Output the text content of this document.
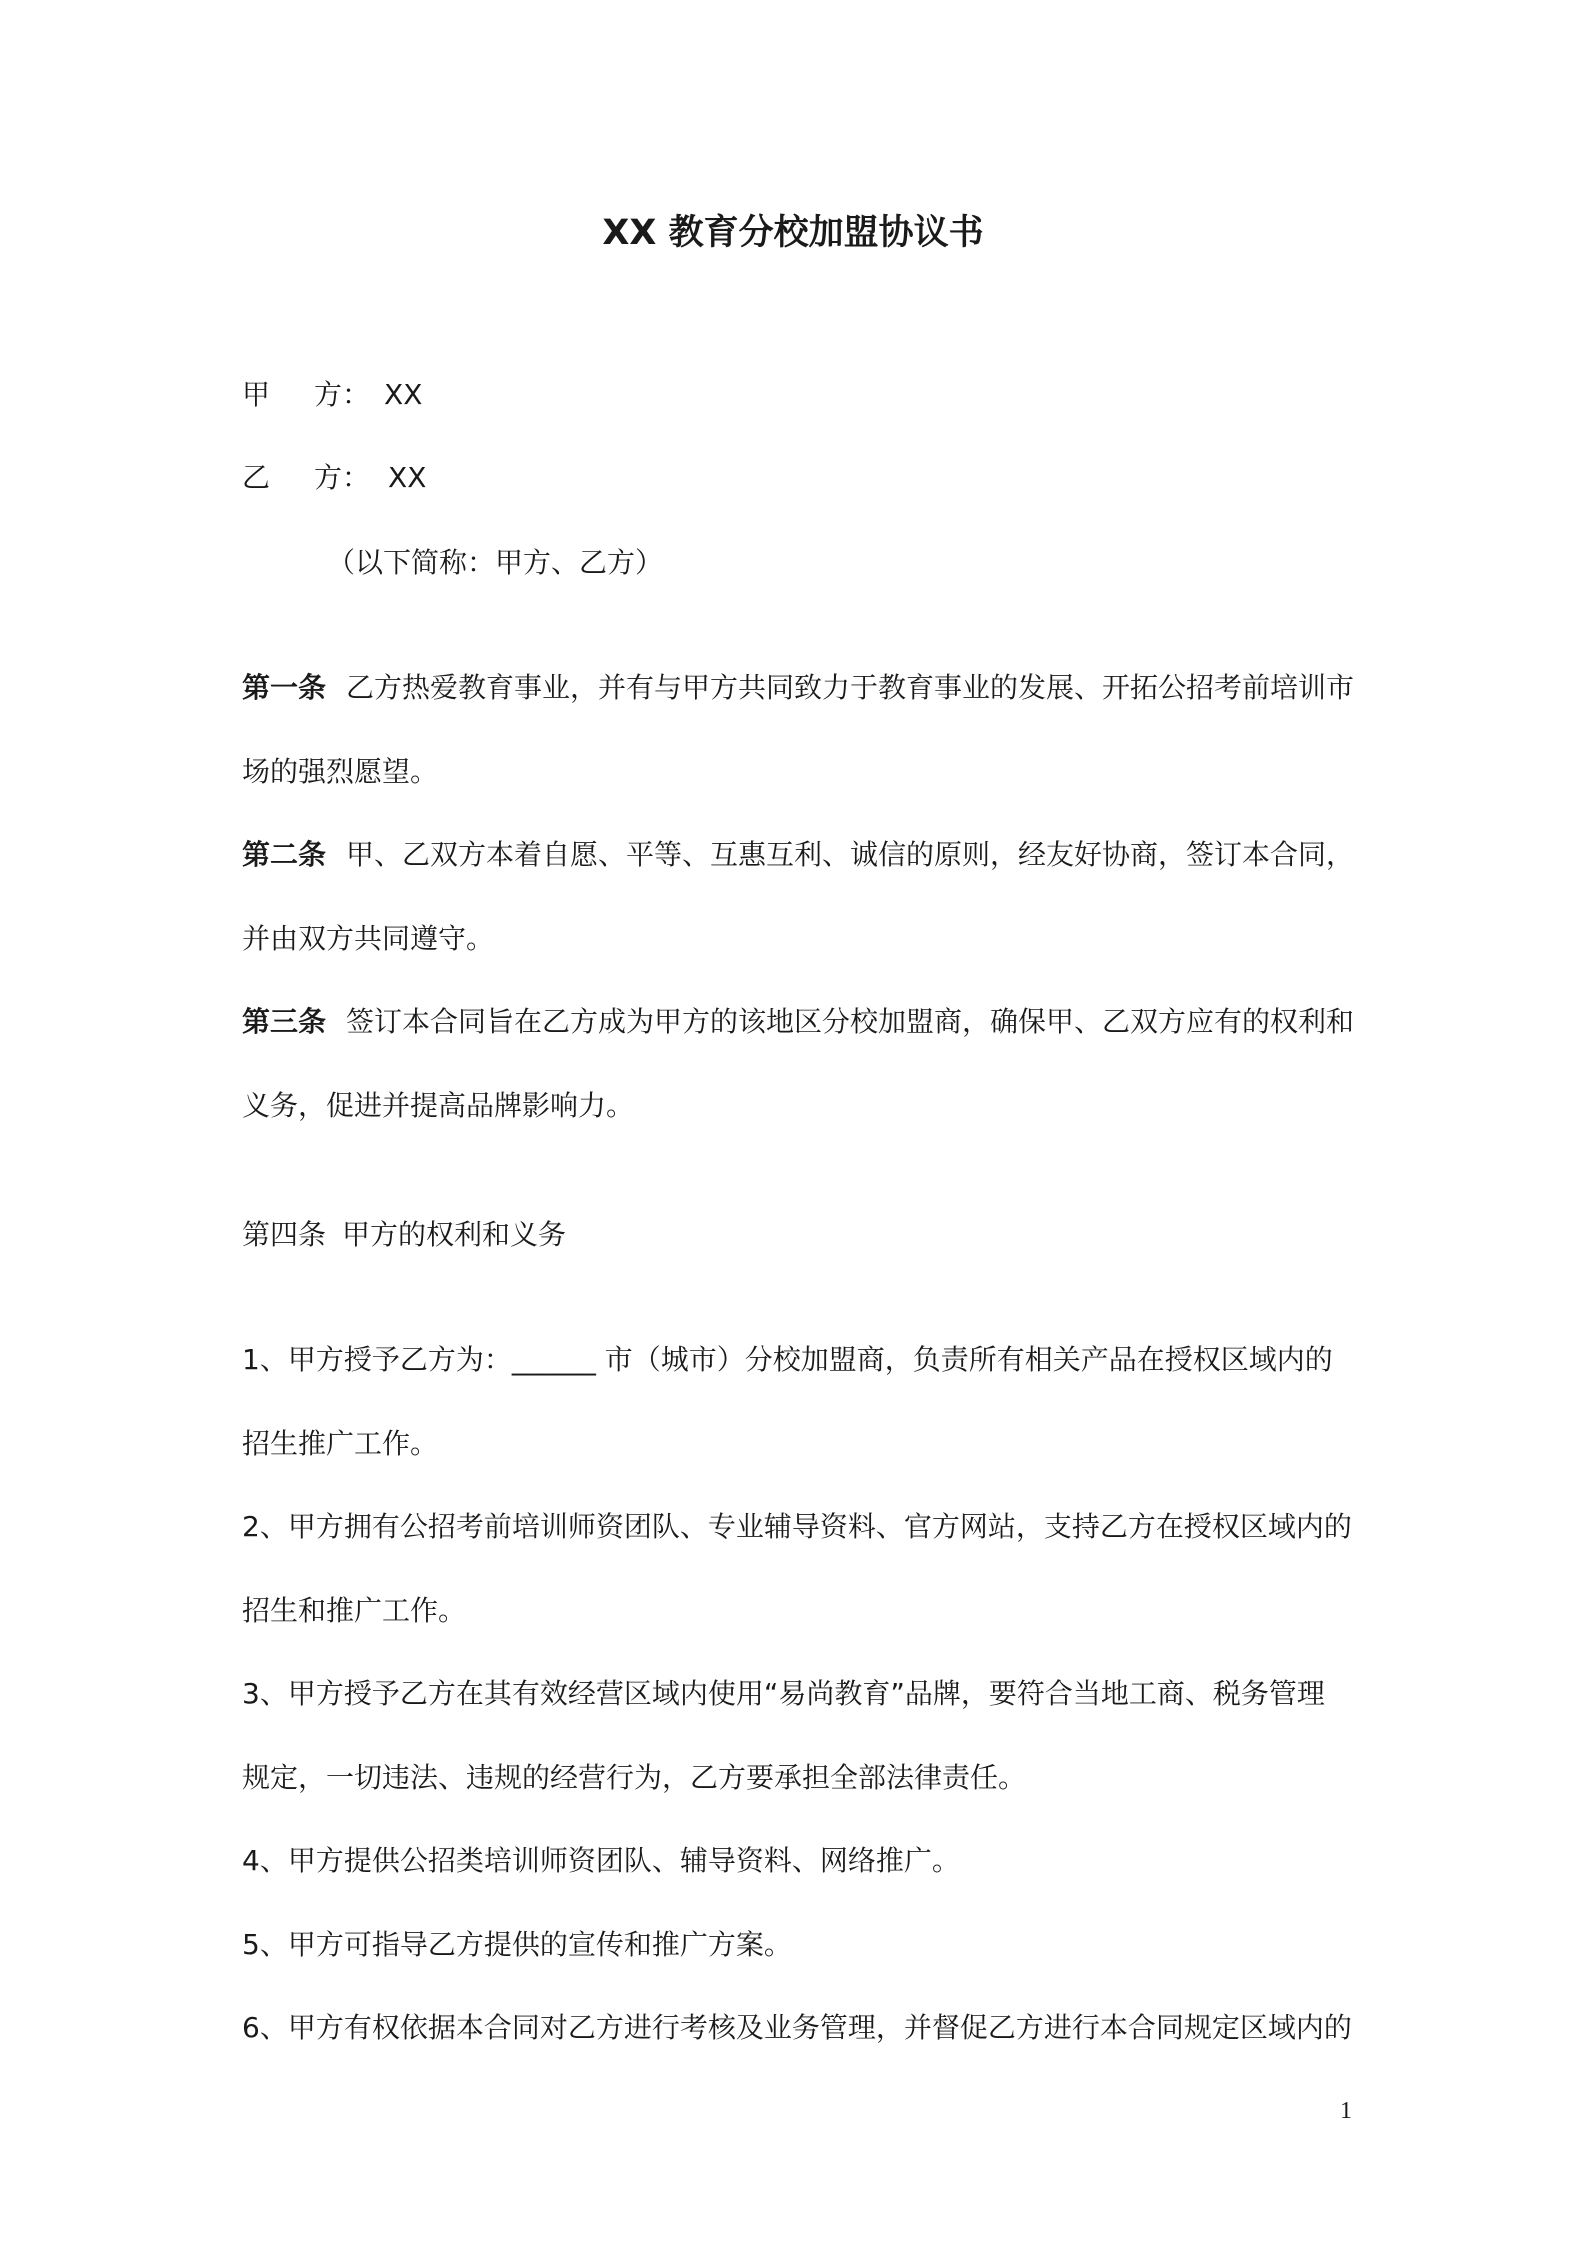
XX 教育分校加盟协议书
甲 方： XX
乙 方： XX
（以下简称：甲方、乙方）
第一条 乙方热爱教育事业，并有与甲方共同致力于教育事业的发展、开拓公招考前培训市
场的强烈愿望。
第二条 甲、乙双方本着自愿、平等、互惠互利、诚信的原则，经友好协商，签订本合同，
并由双方共同遵守。
第三条 签订本合同旨在乙方成为甲方的该地区分校加盟商，确保甲、乙双方应有的权利和
义务，促进并提高品牌影响力。
第四条 甲方的权利和义务
1、甲方授予乙方为：______ 市（城市）分校加盟商，负责所有相关产品在授权区域内的
招生推广工作。
2、甲方拥有公招考前培训师资团队、专业辅导资料、官方网站，支持乙方在授权区域内的
招生和推广工作。
3、甲方授予乙方在其有效经营区域内使用“易尚教育”品牌，要符合当地工商、税务管理
规定，一切违法、违规的经营行为，乙方要承担全部法律责任。
4、甲方提供公招类培训师资团队、辅导资料、网络推广。
5、甲方可指导乙方提供的宣传和推广方案。
6、甲方有权依据本合同对乙方进行考核及业务管理，并督促乙方进行本合同规定区域内的
1
